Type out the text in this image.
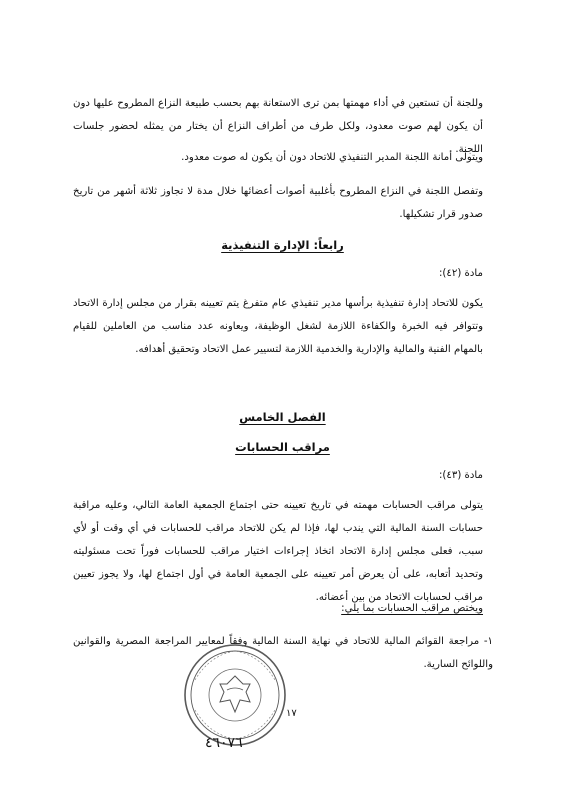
وللجنة أن تستعين في أداء مهمتها بمن ترى الاستعانة بهم بحسب طبيعة النزاع المطروح عليها دون أن يكون لهم صوت معدود، ولكل طرف من أطراف النزاع أن يختار من يمثله لحضور جلسات اللجنة.

ويتولى أمانة اللجنة المدير التنفيذي للاتحاد دون أن يكون له صوت معدود.

وتفصل اللجنة في النزاع المطروح بأغلبية أصوات أعضائها خلال مدة لا تجاوز ثلاثة أشهر من تاريخ صدور قرار تشكيلها.

رابعاً: الإدارة التنفيذية

مادة (٤٢):

يكون للاتحاد إدارة تنفيذية برأسها مدير تنفيذي عام متفرغ يتم تعيينه بقرار من مجلس إدارة الاتحاد وتتوافر فيه الخبرة والكفاءة اللازمة لشغل الوظيفة، ويعاونه عدد مناسب من العاملين للقيام بالمهام الفنية والمالية والإدارية والخدمية اللازمة لتسيير عمل الاتحاد وتحقيق أهدافه.

الفصل الخامس
مراقب الحسابات

مادة (٤٣):

يتولى مراقب الحسابات مهمته في تاريخ تعيينه حتى اجتماع الجمعية العامة التالي، وعليه مراقبة حسابات السنة المالية التي يندب لها، فإذا لم يكن للاتحاد مراقب للحسابات في أي وقت أو لأي سبب، فعلى مجلس إدارة الاتحاد اتخاذ إجراءات اختيار مراقب للحسابات فوراً تحت مسئوليته وتحديد أتعابه، على أن يعرض أمر تعيينه على الجمعية العامة في أول اجتماع لها، ولا يجوز تعيين مراقب لحسابات الاتحاد من بين أعضائه.

ويختص مراقب الحسابات بما يلي:

١- مراجعة القوائم المالية للاتحاد في نهاية السنة المالية وفقاً لمعايير المراجعة المصرية والقوانين واللوائح السارية.
١٧
٤٦٠٧٦
